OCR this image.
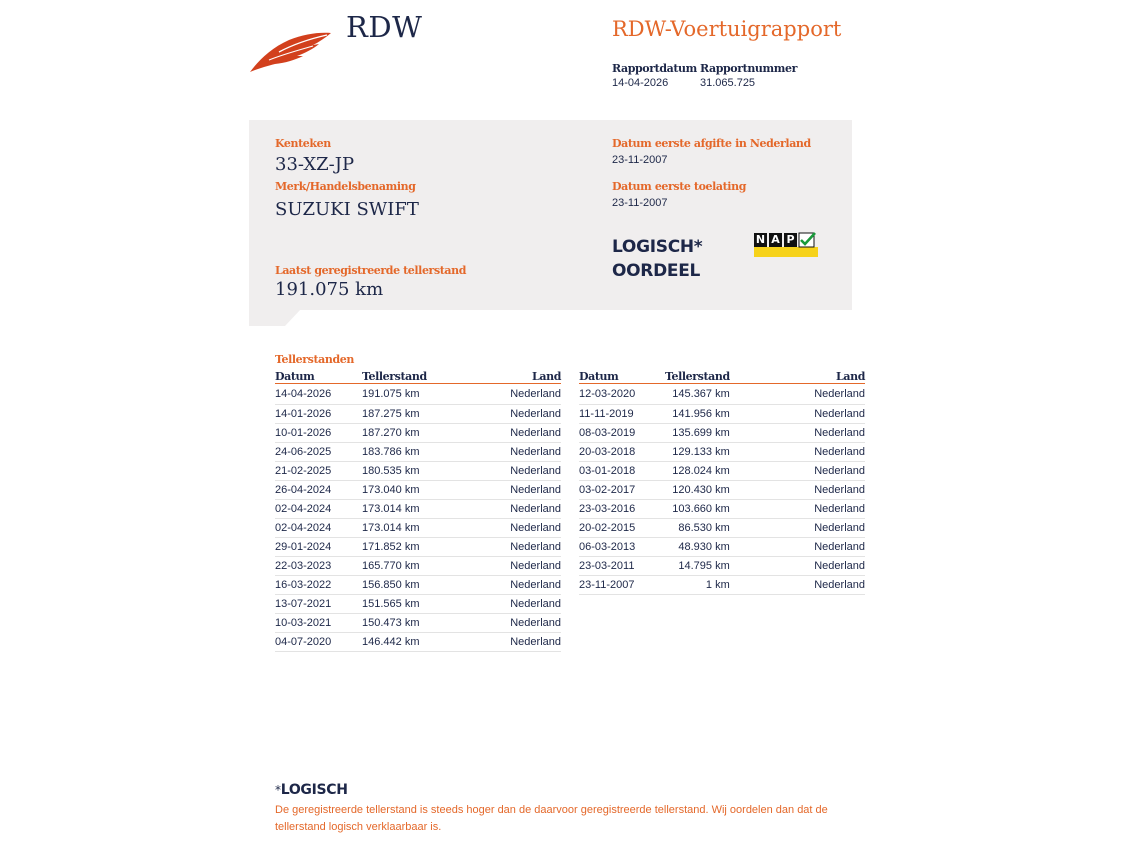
RDW	RDW-Voertuigrapport
Rapportdatum
14-04-2026
Rapportnummer
31.065.725
Kenteken
33-XZ-JP
Merk/Handelsbenaming
SUZUKI SWIFT
Laatst geregistreerde tellerstand
191.075 km
Datum eerste afgifte in Nederland
23-11-2007
Datum eerste toelating
23-11-2007
LOGISCH*
OORDEEL
N A P
Tellerstanden
Datum	Tellerstand	Land
14-04-2026	191.075 km	Nederland
14-01-2026	187.275 km	Nederland
10-01-2026	187.270 km	Nederland
24-06-2025	183.786 km	Nederland
21-02-2025	180.535 km	Nederland
26-04-2024	173.040 km	Nederland
02-04-2024	173.014 km	Nederland
02-04-2024	173.014 km	Nederland
29-01-2024	171.852 km	Nederland
22-03-2023	165.770 km	Nederland
16-03-2022	156.850 km	Nederland
13-07-2021	151.565 km	Nederland
10-03-2021	150.473 km	Nederland
04-07-2020	146.442 km	Nederland
Datum	Tellerstand	Land
12-03-2020	145.367 km	Nederland
11-11-2019	141.956 km	Nederland
08-03-2019	135.699 km	Nederland
20-03-2018	129.133 km	Nederland
03-01-2018	128.024 km	Nederland
03-02-2017	120.430 km	Nederland
23-03-2016	103.660 km	Nederland
20-02-2015	86.530 km	Nederland
06-03-2013	48.930 km	Nederland
23-03-2011	14.795 km	Nederland
23-11-2007	1 km	Nederland
*LOGISCH
De geregistreerde tellerstand is steeds hoger dan de daarvoor geregistreerde tellerstand. Wij oordelen dan dat de tellerstand logisch verklaarbaar is.
